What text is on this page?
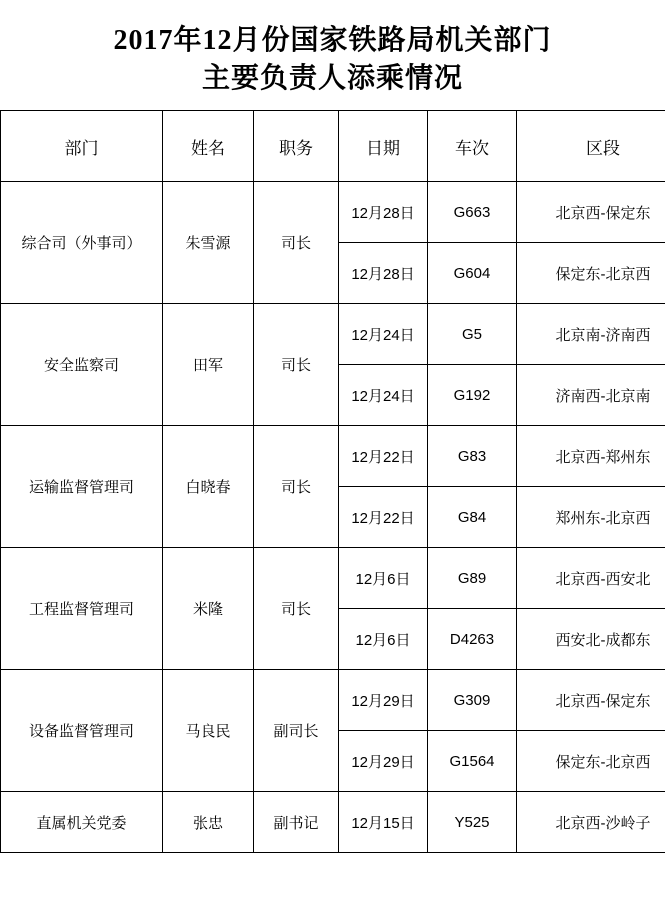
2017年12月份国家铁路局机关部门
主要负责人添乘情况
部门	姓名	职务	日期	车次	区段
综合司（外事司）	朱雪源	司长	12月28日	G663	北京西-保定东
			12月28日	G604	保定东-北京西
安全监察司	田军	司长	12月24日	G5	北京南-济南西
			12月24日	G192	济南西-北京南
运输监督管理司	白晓春	司长	12月22日	G83	北京西-郑州东
			12月22日	G84	郑州东-北京西
工程监督管理司	米隆	司长	12月6日	G89	北京西-西安北
			12月6日	D4263	西安北-成都东
设备监督管理司	马良民	副司长	12月29日	G309	北京西-保定东
			12月29日	G1564	保定东-北京西
直属机关党委	张忠	副书记	12月15日	Y525	北京西-沙岭子
